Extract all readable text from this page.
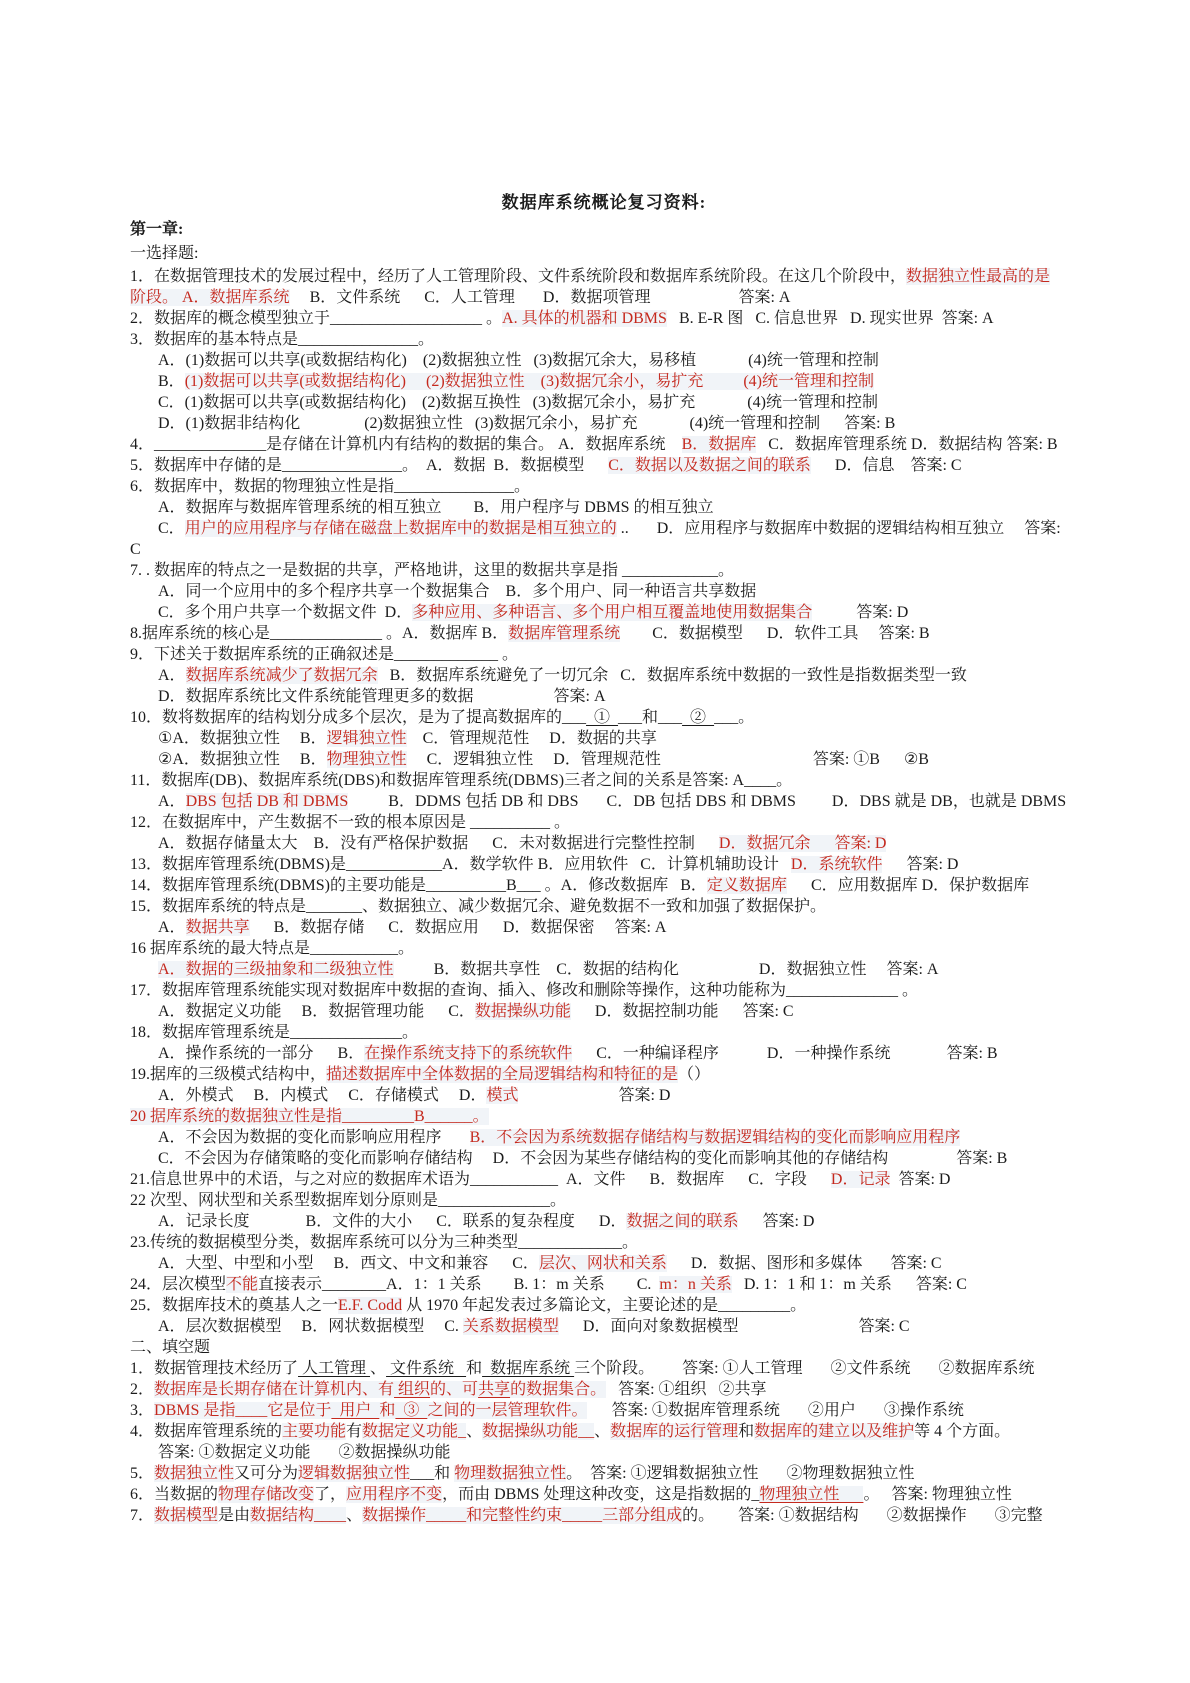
数据库系统概论复习资料:
第一章:
一选择题:
1．在数据管理技术的发展过程中，经历了人工管理阶段、文件系统阶段和数据库系统阶段。在这几个阶段中，数据独立性最高的是
阶段。 A．数据库系统     B．文件系统      C．人工管理       D．数据项管理                      答案: A
2．数据库的概念模型独立于___________________ 。A. 具体的机器和 DBMS   B. E-R 图   C. 信息世界   D. 现实世界  答案: A
3．数据库的基本特点是_______________。
A．(1)数据可以共享(或数据结构化)    (2)数据独立性   (3)数据冗余大，易移植             (4)统一管理和控制
B．(1)数据可以共享(或数据结构化)     (2)数据独立性    (3)数据冗余小，易扩充          (4)统一管理和控制
C．(1)数据可以共享(或数据结构化)    (2)数据互换性   (3)数据冗余小，易扩充             (4)统一管理和控制
D．(1)数据非结构化                (2)数据独立性   (3)数据冗余小，易扩充             (4)统一管理和控制      答案: B
4．______________是存储在计算机内有结构的数据的集合。 A．数据库系统    B．数据库   C．数据库管理系统 D．数据结构 答案: B
5．数据库中存储的是_______________。  A．数据  B．数据模型      C．数据以及数据之间的联系      D．信息    答案: C
6．数据库中，数据的物理独立性是指_______________。
A．数据库与数据库管理系统的相互独立        B．用户程序与 DBMS 的相互独立
C．用户的应用程序与存储在磁盘上数据库中的数据是相互独立的 ..       D．应用程序与数据库中数据的逻辑结构相互独立     答案:
C
7. . 数据库的特点之一是数据的共享，严格地讲，这里的数据共享是指 ____________。
A．同一个应用中的多个程序共享一个数据集合    B．多个用户、同一种语言共享数据
C．多个用户共享一个数据文件  D．多种应用、多种语言、多个用户相互覆盖地使用数据集合           答案: D
8.据库系统的核心是______________ 。A．数据库 B．数据库管理系统        C．数据模型      D．软件工具     答案: B
9．下述关于数据库系统的正确叙述是_____________ 。
A．数据库系统减少了数据冗余   B．数据库系统避免了一切冗余   C．数据库系统中数据的一致性是指数据类型一致
D．数据库系统比文件系统能管理更多的数据                    答案: A
10．数将数据库的结构划分成多个层次，是为了提高数据库的___  ①  ___和___  ②  ___。
①A．数据独立性     B．逻辑独立性    C．管理规范性     D．数据的共享
②A．数据独立性     B．物理独立性     C．逻辑独立性     D．管理规范性                                      答案: ①B      ②B
11．数据库(DB)、数据库系统(DBS)和数据库管理系统(DBMS)三者之间的关系是答案: A____。
A．DBS 包括 DB 和 DBMS          B．DDMS 包括 DB 和 DBS       C．DB 包括 DBS 和 DBMS         D．DBS 就是 DB，也就是 DBMS
12．在数据库中，产生数据不一致的根本原因是 __________ 。
A．数据存储量太大    B．没有严格保护数据      C．未对数据进行完整性控制      D．数据冗余      答案: D
13．数据库管理系统(DBMS)是____________A．数学软件 B．应用软件   C．计算机辅助设计   D．系统软件      答案: D
14．数据库管理系统(DBMS)的主要功能是__________B___ 。A．修改数据库   B．定义数据库      C．应用数据库 D．保护数据库
15．数据库系统的特点是_______、数据独立、减少数据冗余、避免数据不一致和加强了数据保护。
A．数据共享      B．数据存储      C．数据应用      D．数据保密     答案: A
16 据库系统的最大特点是___________。
A．数据的三级抽象和二级独立性          B．数据共享性    C．数据的结构化                    D．数据独立性     答案: A
17．数据库管理系统能实现对数据库中数据的查询、插入、修改和删除等操作，这种功能称为______________ 。
A．数据定义功能     B．数据管理功能      C．数据操纵功能      D．数据控制功能      答案: C
18．数据库管理系统是______________。
A．操作系统的一部分      B．在操作系统支持下的系统软件      C．一种编译程序            D．一种操作系统              答案: B
19.据库的三级模式结构中，描述数据库中全体数据的全局逻辑结构和特征的是（）
A．外模式     B．内模式     C．存储模式     D．模式                         答案: D
20 据库系统的数据独立性是指_________B______。
A．不会因为数据的变化而影响应用程序       B．不会因为系统数据存储结构与数据逻辑结构的变化而影响应用程序
C．不会因为存储策略的变化而影响存储结构     D．不会因为某些存储结构的变化而影响其他的存储结构                 答案: B
21.信息世界中的术语，与之对应的数据库术语为___________  A．文件      B．数据库      C．字段      D．记录  答案: D
22 次型、网状型和关系型数据库划分原则是______________。
A．记录长度              B．文件的大小      C．联系的复杂程度      D．数据之间的联系      答案: D
23.传统的数据模型分类，数据库系统可以分为三种类型_____________。
A．大型、中型和小型     B．西文、中文和兼容      C．层次、网状和关系      D．数据、图形和多媒体       答案: C
24．层次模型不能直接表示________A．1：1 关系        B. 1：m 关系        C.  m：n 关系   D. 1：1 和 1：m 关系      答案: C
25．数据库技术的奠基人之一E.F. Codd 从 1970 年起发表过多篇论文，主要论述的是_________。
A．层次数据模型     B．网状数据模型     C. 关系数据模型      D．面向对象数据模型                              答案: C
二、填空题
1．数据管理技术经历了 人工管理 、 文件系统   和  数据库系统 三个阶段。       答案: ①人工管理       ②文件系统       ②数据库系统
2．数据库是长期存储在计算机内、有 组织的、可共享的数据集合。   答案: ①组织   ②共享
3．DBMS 是指____它是位于  用户  和  ③  之间的一层管理软件。      答案: ①数据库管理系统       ②用户       ③操作系统
4．数据库管理系统的主要功能有数据定义功能_、数据操纵功能__、数据库的运行管理和数据库的建立以及维护等 4 个方面。
答案: ①数据定义功能       ②数据操纵功能
5．数据独立性又可分为逻辑数据独立性___和 物理数据独立性。  答案: ①逻辑数据独立性       ②物理数据独立性
6．当数据的物理存储改变了，应用程序不变，而由 DBMS 处理这种改变，这是指数据的_物理独立性      。   答案: 物理独立性
7．数据模型是由数据结构____、数据操作_____和完整性约束_____三部分组成的。      答案: ①数据结构       ②数据操作       ③完整
